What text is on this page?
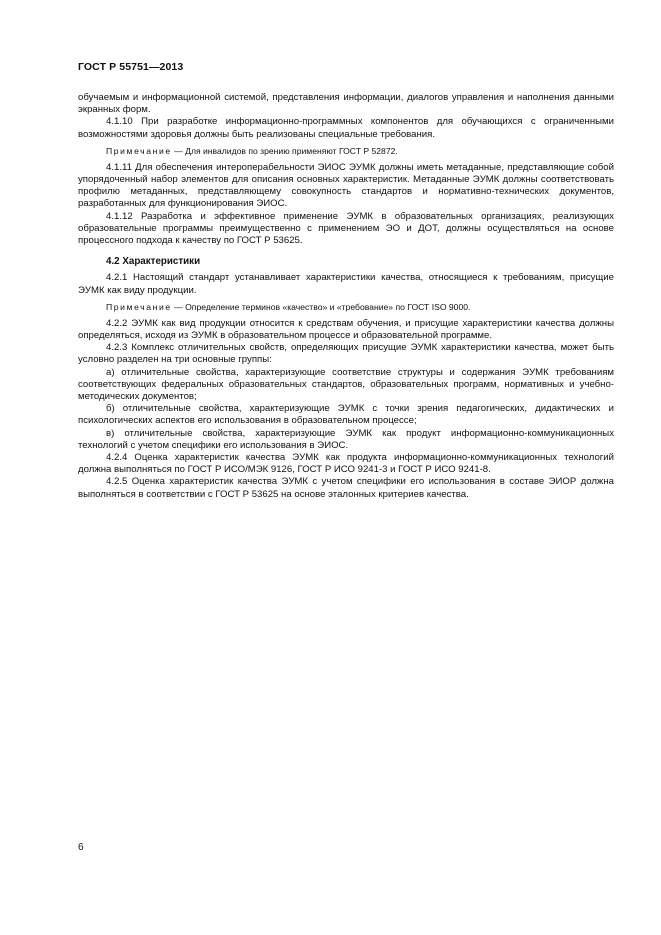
ГОСТ Р 55751—2013

обучаемым и информационной системой, представления информации, диалогов управления и наполнения данными экранных форм.

4.1.10 При разработке информационно-программных компонентов для обучающихся с ограниченными возможностями здоровья должны быть реализованы специальные требования.

Примечание — Для инвалидов по зрению применяют ГОСТ Р 52872.

4.1.11 Для обеспечения интероперабельности ЭИОС ЭУМК должны иметь метаданные, представляющие собой упорядоченный набор элементов для описания основных характеристик. Метаданные ЭУМК должны соответствовать профилю метаданных, представляющему совокупность стандартов и нормативно-технических документов, разработанных для функционирования ЭИОС.

4.1.12 Разработка и эффективное применение ЭУМК в образовательных организациях, реализующих образовательные программы преимущественно с применением ЭО и ДОТ, должны осуществляться на основе процессного подхода к качеству по ГОСТ Р 53625.

4.2 Характеристики

4.2.1 Настоящий стандарт устанавливает характеристики качества, относящиеся к требованиям, присущие ЭУМК как виду продукции.

Примечание — Определение терминов «качество» и «требование» по ГОСТ ISO 9000.

4.2.2 ЭУМК как вид продукции относится к средствам обучения, и присущие характеристики качества должны определяться, исходя из ЭУМК в образовательном процессе и образовательной программе.

4.2.3 Комплекс отличительных свойств, определяющих присущие ЭУМК характеристики качества, может быть условно разделен на три основные группы:

а) отличительные свойства, характеризующие соответствие структуры и содержания ЭУМК требованиям соответствующих федеральных образовательных стандартов, образовательных программ, нормативных и учебно-методических документов;

б) отличительные свойства, характеризующие ЭУМК с точки зрения педагогических, дидактических и психологических аспектов его использования в образовательном процессе;

в) отличительные свойства, характеризующие ЭУМК как продукт информационно-коммуникационных технологий с учетом специфики его использования в ЭИОС.

4.2.4 Оценка характеристик качества ЭУМК как продукта информационно-коммуникационных технологий должна выполняться по ГОСТ Р ИСО/МЭК 9126, ГОСТ Р ИСО 9241-3 и ГОСТ Р ИСО 9241-8.

4.2.5 Оценка характеристик качества ЭУМК с учетом специфики его использования в составе ЭИОР должна выполняться в соответствии с ГОСТ Р 53625 на основе эталонных критериев качества.

6
